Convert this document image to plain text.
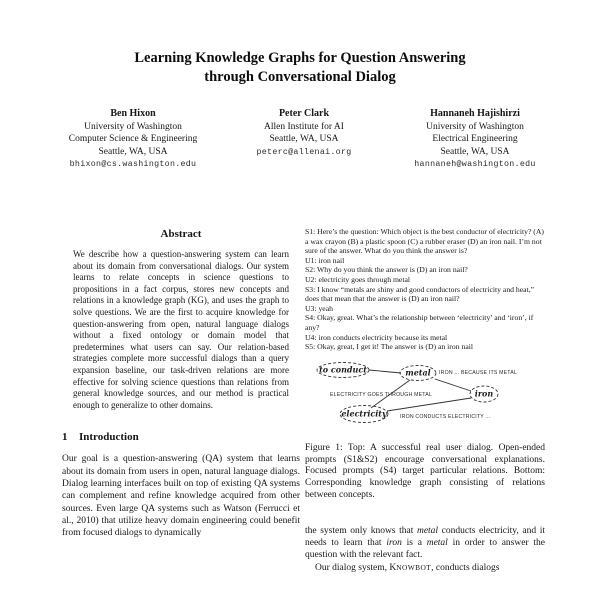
Learning Knowledge Graphs for Question Answering
through Conversational Dialog
Ben Hixon
University of Washington
Computer Science & Engineering
Seattle, WA, USA
bhixon@cs.washington.edu
Peter Clark
Allen Institute for AI
Seattle, WA, USA
peterc@allenai.org
Hannaneh Hajishirzi
University of Washington
Electrical Engineering
Seattle, WA, USA
hannaneh@washington.edu
Abstract
We describe how a question-answering system can learn about its domain from conversational dialogs. Our system learns to relate concepts in science questions to propositions in a fact corpus, stores new concepts and relations in a knowledge graph (KG), and uses the graph to solve questions. We are the first to acquire knowledge for question-answering from open, natural language dialogs without a fixed ontology or domain model that predetermines what users can say. Our relation-based strategies complete more successful dialogs than a query expansion baseline, our task-driven relations are more effective for solving science questions than relations from general knowledge sources, and our method is practical enough to generalize to other domains.
1 Introduction
Our goal is a question-answering (QA) system that learns about its domain from users in open, natural language dialogs. Dialog learning interfaces built on top of existing QA systems can complement and refine knowledge acquired from other sources. Even large QA systems such as Watson (Ferrucci et al., 2010) that utilize heavy domain engineering could benefit from focused dialogs to dynamically

S1: Here’s the question: Which object is the best conductor of electricity? (A) a wax crayon (B) a plastic spoon (C) a rubber eraser (D) an iron nail. I’m not sure of the answer. What do you think the answer is?

U1: iron nail

S2: Why do you think the answer is (D) an iron nail?

U2: electricity goes through metal

S3: I know “metals are shiny and good conductors of electricity and heat,” does that mean that the answer is (D) an iron nail?

U3: yeah

S4: Okay, great. What’s the relationship between ‘electricity’ and ‘iron’, if any?

U4: iron conducts electricity because its metal

S5: Okay, great, I get it! The answer is (D) an iron nail

to conduct	metal
iron
electricity
IRON ... BECAUSE ITS METAL
ELECTRICITY GOES THROUGH METAL
IRON CONDUCTS ELECTRICITY ...
Figure 1: Top: A successful real user dialog. Open-ended prompts (S1&S2) encourage conversational explanations. Focused prompts (S4) target particular relations. Bottom: Corresponding knowledge graph consisting of relations between concepts.

the system only knows that metal conducts electricity, and it needs to learn that iron is a metal in order to answer the question with the relevant fact.

Our dialog system, KNOWBOT, conducts dialogs
